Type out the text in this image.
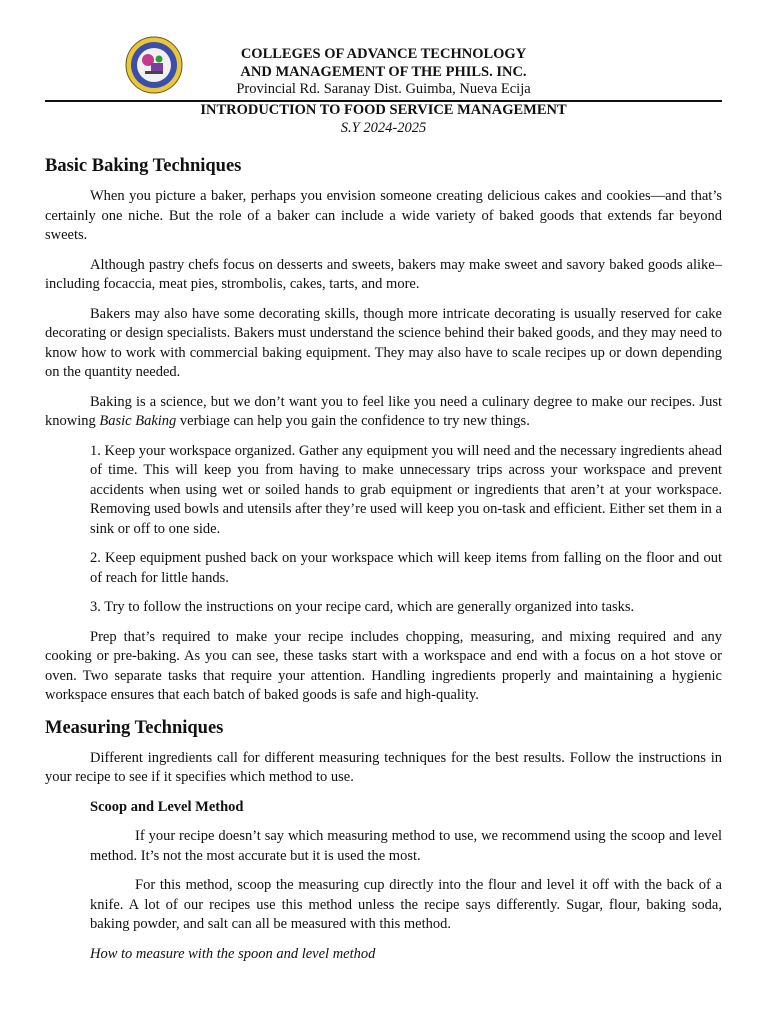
COLLEGES OF ADVANCE TECHNOLOGY
AND MANAGEMENT OF THE PHILS. INC.
Provincial Rd. Saranay Dist. Guimba, Nueva Ecija
INTRODUCTION TO FOOD SERVICE MANAGEMENT
S.Y 2024-2025
Basic Baking Techniques

When you picture a baker, perhaps you envision someone creating delicious cakes and cookies—and that’s certainly one niche. But the role of a baker can include a wide variety of baked goods that extends far beyond sweets.

Although pastry chefs focus on desserts and sweets, bakers may make sweet and savory baked goods alike–including focaccia, meat pies, strombolis, cakes, tarts, and more.

Bakers may also have some decorating skills, though more intricate decorating is usually reserved for cake decorating or design specialists. Bakers must understand the science behind their baked goods, and they may need to know how to work with commercial baking equipment. They may also have to scale recipes up or down depending on the quantity needed.

Baking is a science, but we don’t want you to feel like you need a culinary degree to make our recipes. Just knowing Basic Baking verbiage can help you gain the confidence to try new things.

1. Keep your workspace organized. Gather any equipment you will need and the necessary ingredients ahead of time. This will keep you from having to make unnecessary trips across your workspace and prevent accidents when using wet or soiled hands to grab equipment or ingredients that aren’t at your workspace. Removing used bowls and utensils after they’re used will keep you on-task and efficient. Either set them in a sink or off to one side.

2. Keep equipment pushed back on your workspace which will keep items from falling on the floor and out of reach for little hands.

3. Try to follow the instructions on your recipe card, which are generally organized into tasks.

Prep that’s required to make your recipe includes chopping, measuring, and mixing required and any cooking or pre-baking. As you can see, these tasks start with a workspace and end with a focus on a hot stove or oven. Two separate tasks that require your attention. Handling ingredients properly and maintaining a hygienic workspace ensures that each batch of baked goods is safe and high-quality.

Measuring Techniques

Different ingredients call for different measuring techniques for the best results. Follow the instructions in your recipe to see if it specifies which method to use.

Scoop and Level Method

If your recipe doesn’t say which measuring method to use, we recommend using the scoop and level method. It’s not the most accurate but it is used the most.

For this method, scoop the measuring cup directly into the flour and level it off with the back of a knife. A lot of our recipes use this method unless the recipe says differently. Sugar, flour, baking soda, baking powder, and salt can all be measured with this method.

How to measure with the spoon and level method
